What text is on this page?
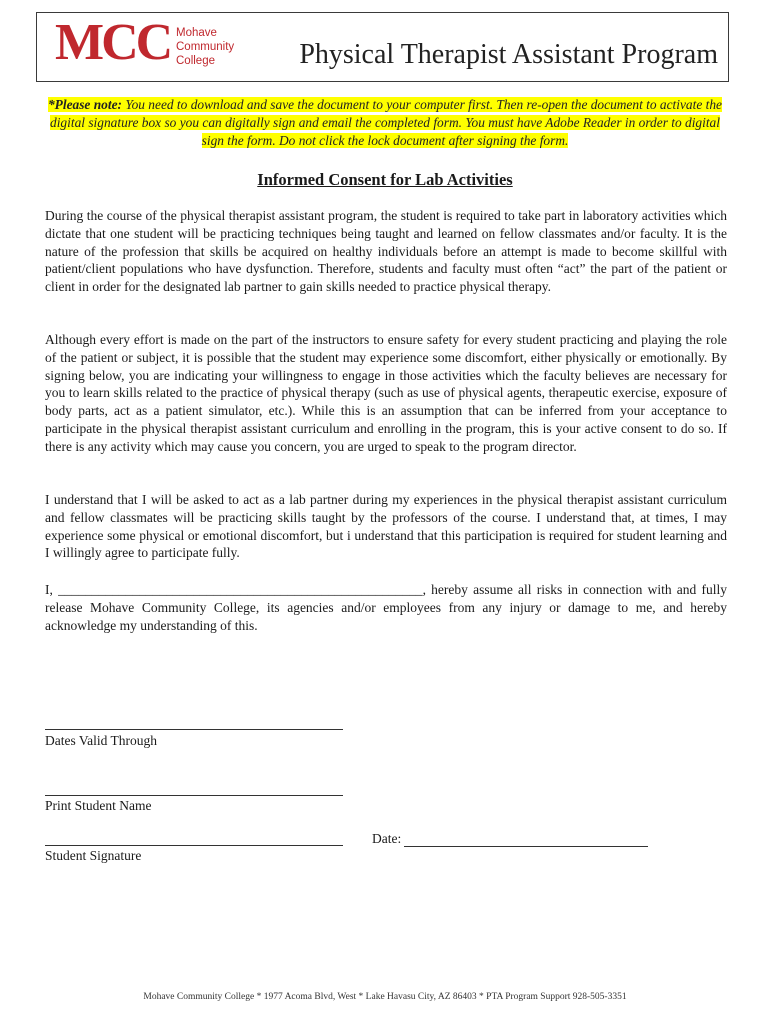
MCC Mohave
Community
College	Physical Therapist Assistant Program
*Please note: You need to download and save the document to your computer first. Then re-open the document to activate the digital signature box so you can digitally sign and email the completed form. You must have Adobe Reader in order to digital sign the form. Do not click the lock document after signing the form.
Informed Consent for Lab Activities

During the course of the physical therapist assistant program, the student is required to take part in laboratory activities which dictate that one student will be practicing techniques being taught and learned on fellow classmates and/or faculty. It is the nature of the profession that skills be acquired on healthy individuals before an attempt is made to become skillful with patient/client populations who have dysfunction. Therefore, students and faculty must often “act” the part of the patient or client in order for the designated lab partner to gain skills needed to practice physical therapy.

Although every effort is made on the part of the instructors to ensure safety for every student practicing and playing the role of the patient or subject, it is possible that the student may experience some discomfort, either physically or emotionally. By signing below, you are indicating your willingness to engage in those activities which the faculty believes are necessary for you to learn skills related to the practice of physical therapy (such as use of physical agents, therapeutic exercise, exposure of body parts, act as a patient simulator, etc.). While this is an assumption that can be inferred from your acceptance to participate in the physical therapist assistant curriculum and enrolling in the program, this is your active consent to do so. If there is any activity which may cause you concern, you are urged to speak to the program director.

I understand that I will be asked to act as a lab partner during my experiences in the physical therapist assistant curriculum and fellow classmates will be practicing skills taught by the professors of the course. I understand that, at times, I may experience some physical or emotional discomfort, but i understand that this participation is required for student learning and I willingly agree to participate fully.

I, ______________________________________________________, hereby assume all risks in connection with and fully release Mohave Community College, its agencies and/or employees from any injury or damage to me, and hereby acknowledge my understanding of this.

Dates Valid Through
Print Student Name
Student Signature
Date:
Mohave Community College * 1977 Acoma Blvd, West * Lake Havasu City, AZ 86403 * PTA Program Support 928-505-3351
